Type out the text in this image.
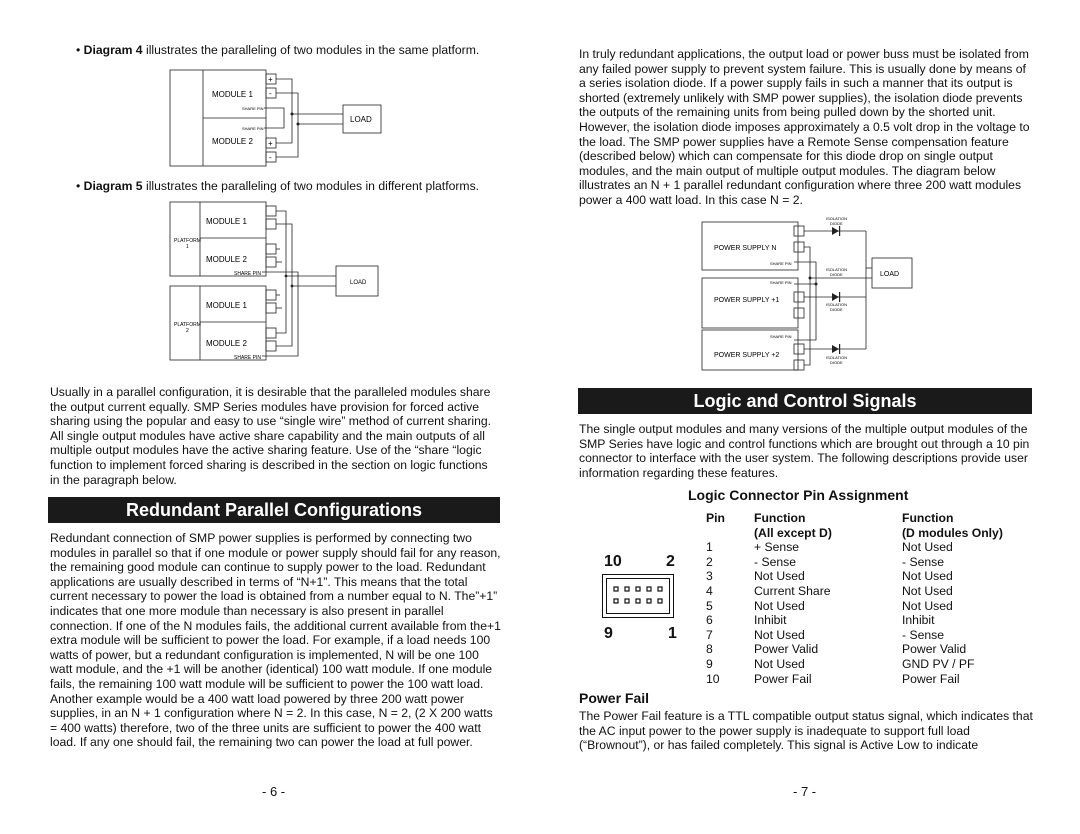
• Diagram 4 illustrates the paralleling of two modules in the same platform.
MODULE 1
MODULE 2
SHARE PIN
SHARE PIN
LOAD
+
-
+
-
• Diagram 5 illustrates the paralleling of two modules in different platforms.
MODULE 1
MODULE 2
MODULE 1
MODULE 2
PLATFORM
1
PLATFORM
2
SHARE PIN
SHARE PIN
LOAD
Usually in a parallel configuration, it is desirable that the paralleled modules share the output current equally. SMP Series modules have provision for forced active sharing using the popular and easy to use “single wire” method of current sharing. All single output modules have active share capability and the main outputs of all multiple output modules have the active sharing feature. Use of the “share “logic function to implement forced sharing is described in the section on logic functions in the paragraph below.
Redundant Parallel Configurations
Redundant connection of SMP power supplies is performed by connecting two modules in parallel so that if one module or power supply should fail for any reason, the remaining good module can continue to supply power to the load. Redundant applications are usually described in terms of “N+1”. This means that the total current necessary to power the load is obtained from a number equal to N. The”+1” indicates that one more module than necessary is also present in parallel connection. If one of the N modules fails, the additional current available from the+1 extra module will be sufficient to power the load. For example, if a load needs 100 watts of power, but a redundant configuration is implemented, N will be one 100 watt module, and the +1 will be another (identical) 100 watt module. If one module fails, the remaining 100 watt module will be sufficient to power the 100 watt load. Another example would be a 400 watt load powered by three 200 watt power supplies, in an N + 1 configuration where N = 2. In this case, N = 2, (2 X 200 watts = 400 watts) therefore, two of the three units are sufficient to power the 400 watt load. If any one should fail, the remaining two can power the load at full power.
- 6 -
In truly redundant applications, the output load or power buss must be isolated from any failed power supply to prevent system failure. This is usually done by means of a series isolation diode. If a power supply fails in such a manner that its output is shorted (extremely unlikely with SMP power supplies), the isolation diode prevents the outputs of the remaining units from being pulled down by the shorted unit. However, the isolation diode imposes approximately a 0.5 volt drop in the voltage to the load. The SMP power supplies have a Remote Sense compensation feature (described below) which can compensate for this diode drop on single output modules, and the main output of multiple output modules. The diagram below illustrates an N + 1 parallel redundant configuration where three 200 watt modules power a 400 watt load. In this case N = 2.
POWER SUPPLY N
POWER SUPPLY +1
POWER SUPPLY +2
SHARE PIN
SHARE PIN
SHARE PIN
ISOLATION
DIODE
ISOLATION
DIODE
ISOLATION
DIODE
ISOLATION
DIODE
LOAD
Logic and Control Signals
The single output modules and many versions of the multiple output modules of the SMP Series have logic and control functions which are brought out through a 10 pin connector to interface with the user system. The following descriptions provide user information regarding these features.
Logic Connector Pin Assignment
10	2
9	1
Pin	Function	Function
	(All except D)	(D modules Only)
1	+ Sense	Not Used
2	- Sense	- Sense
3	Not Used	Not Used
4	Current Share	Not Used
5	Not Used	Not Used
6	Inhibit	Inhibit
7	Not Used	- Sense
8	Power Valid	Power Valid
9	Not Used	GND PV / PF
10	Power Fail	Power Fail
Power Fail
The Power Fail feature is a TTL compatible output status signal, which indicates that the AC input power to the power supply is inadequate to support full load (“Brownout”), or has failed completely. This signal is Active Low to indicate
- 7 -
